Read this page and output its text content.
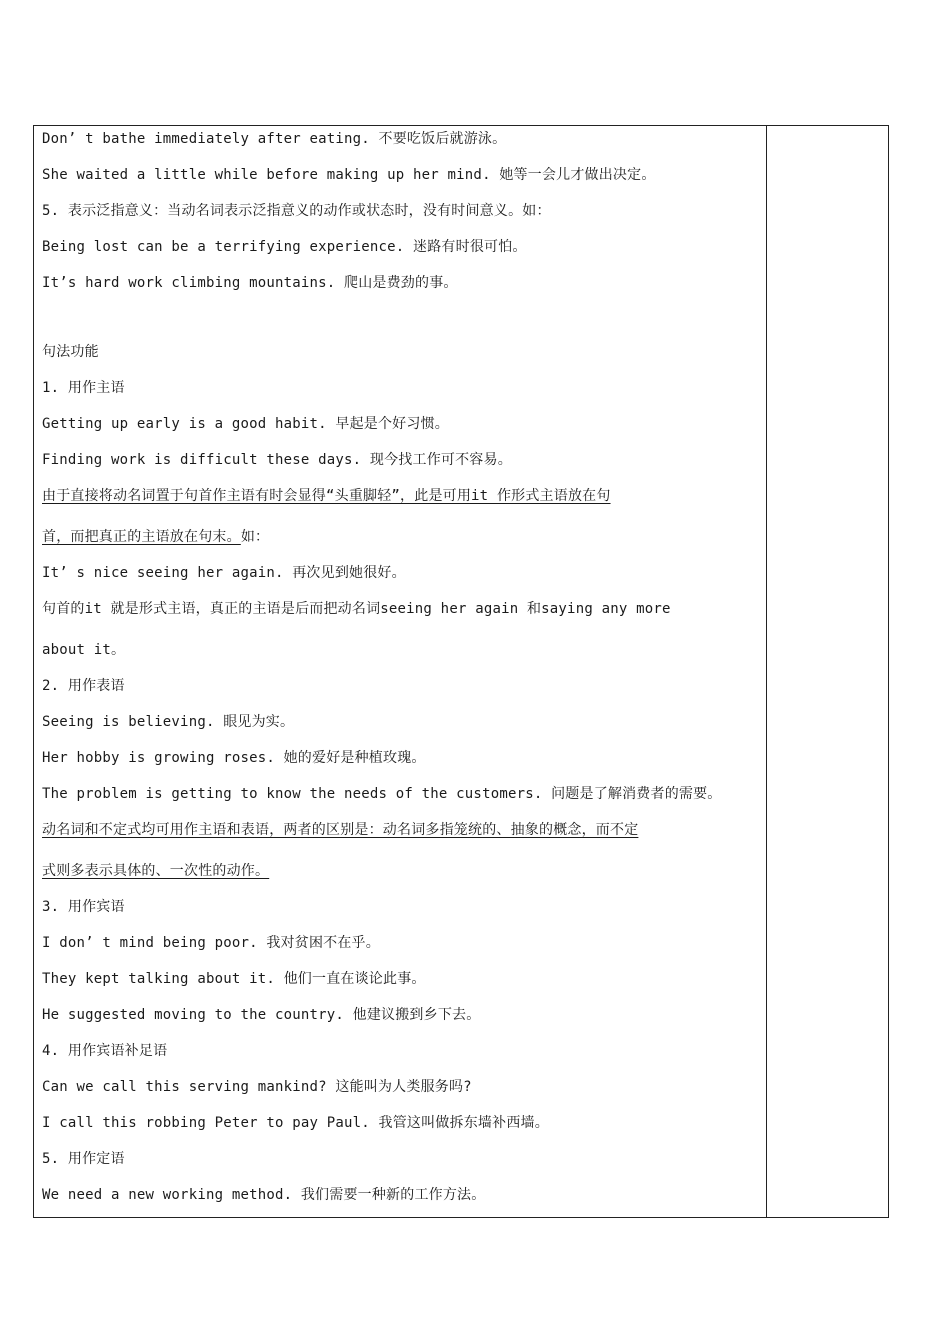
Don’ t bathe immediately after eating. 不要吃饭后就游泳。
She waited a little while before making up her mind. 她等一会儿才做出决定。
5. 表示泛指意义：当动名词表示泛指意义的动作或状态时，没有时间意义。如：
Being lost can be a terrifying experience. 迷路有时很可怕。
It’s hard work climbing mountains. 爬山是费劲的事。
句法功能
1. 用作主语
Getting up early is a good habit. 早起是个好习惯。
Finding work is difficult these days. 现今找工作可不容易。
由于直接将动名词置于句首作主语有时会显得“头重脚轻”，此是可用it 作形式主语放在句
首，而把真正的主语放在句末。如：
It’ s nice seeing her again. 再次见到她很好。
句首的it 就是形式主语，真正的主语是后而把动名词seeing her again 和saying any more
about it。
2. 用作表语
Seeing is believing. 眼见为实。
Her hobby is growing roses. 她的爱好是种植玫瑰。
The problem is getting to know the needs of the customers. 问题是了解消费者的需要。
动名词和不定式均可用作主语和表语，两者的区别是：动名词多指笼统的、抽象的概念，而不定
式则多表示具体的、一次性的动作。
3. 用作宾语
I don’ t mind being poor. 我对贫困不在乎。
They kept talking about it. 他们一直在谈论此事。
He suggested moving to the country. 他建议搬到乡下去。
4. 用作宾语补足语
Can we call this serving mankind? 这能叫为人类服务吗?
I call this robbing Peter to pay Paul. 我管这叫做拆东墙补西墙。
5. 用作定语
We need a new working method. 我们需要一种新的工作方法。
